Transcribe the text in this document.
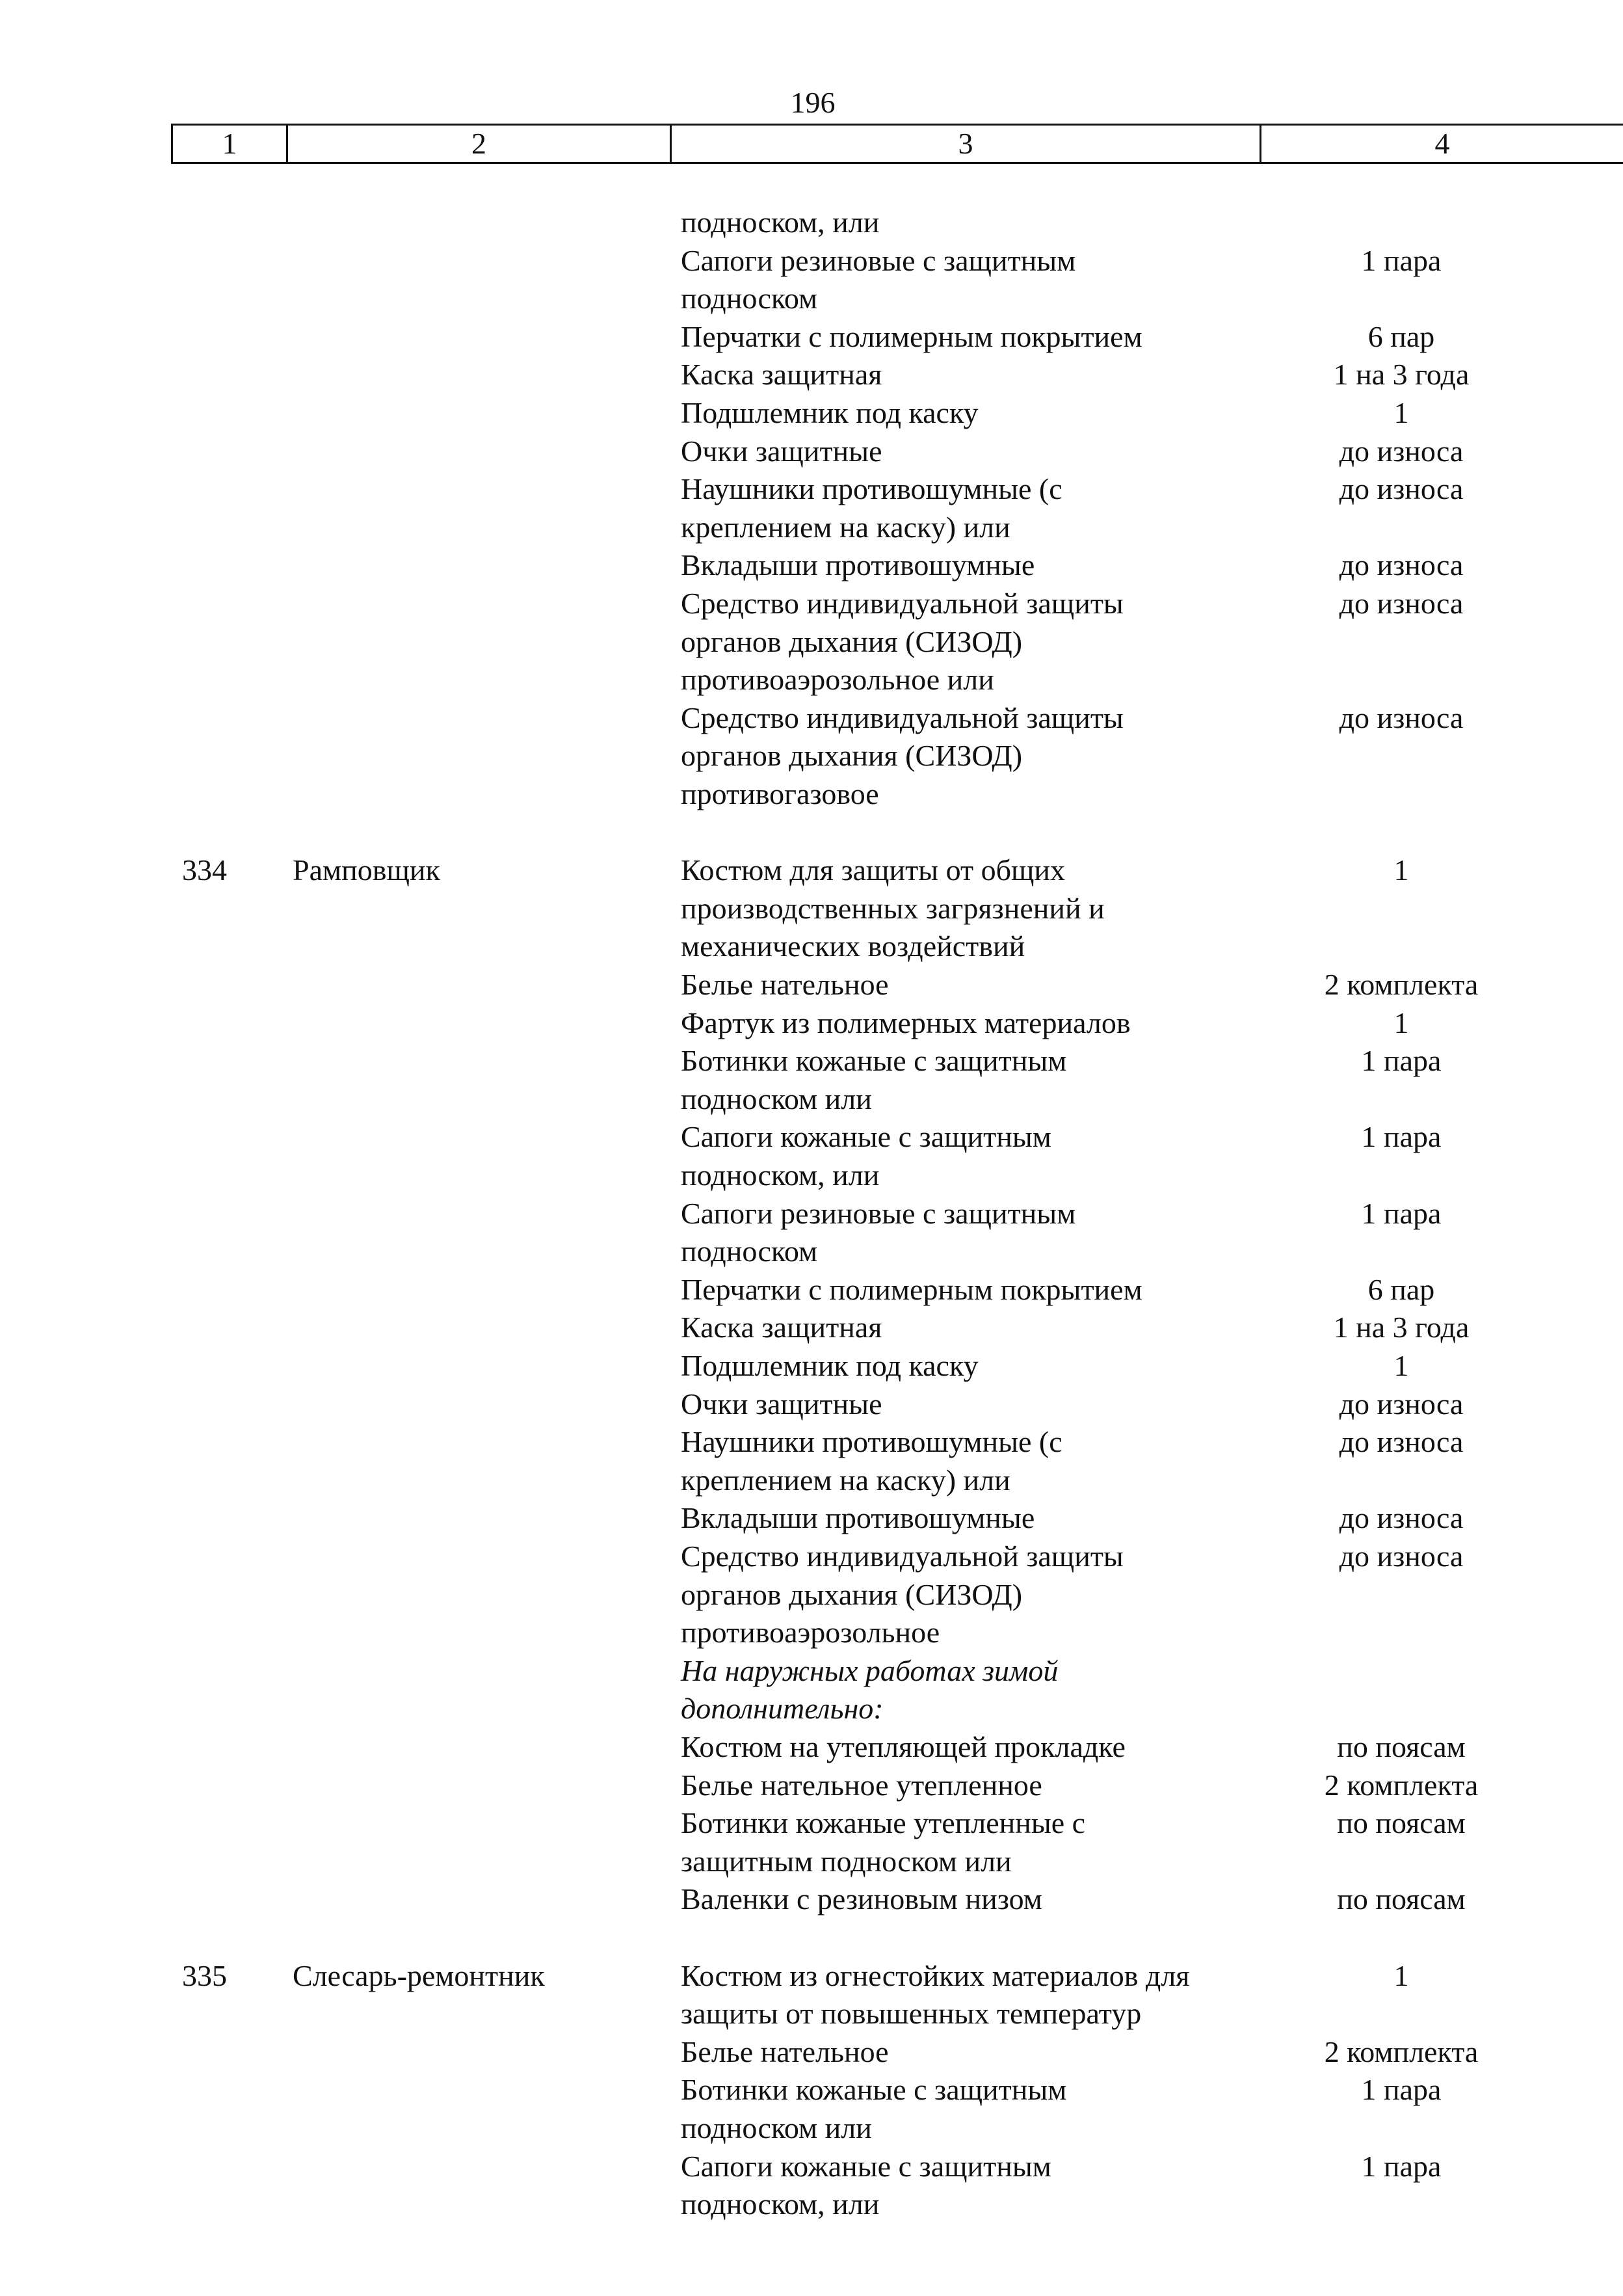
196
1	2	3	4
подноском, или
Сапоги резиновые с защитным	1 пара
подноском
Перчатки с полимерным покрытием	6 пар
Каска защитная	1 на 3 года
Подшлемник под каску	1
Очки защитные	до износа
Наушники противошумные (с	до износа
креплением на каску) или
Вкладыши противошумные	до износа
Средство индивидуальной защиты	до износа
органов дыхания (СИЗОД)
противоаэрозольное или
Средство индивидуальной защиты	до износа
органов дыхания (СИЗОД)
противогазовое
334	Рамповщик	Костюм для защиты от общих	1
производственных загрязнений и
механических воздействий
Белье нательное	2 комплекта
Фартук из полимерных материалов	1
Ботинки кожаные с защитным	1 пара
подноском или
Сапоги кожаные с защитным	1 пара
подноском, или
Сапоги резиновые с защитным	1 пара
подноском
Перчатки с полимерным покрытием	6 пар
Каска защитная	1 на 3 года
Подшлемник под каску	1
Очки защитные	до износа
Наушники противошумные (с	до износа
креплением на каску) или
Вкладыши противошумные	до износа
Средство индивидуальной защиты	до износа
органов дыхания (СИЗОД)
противоаэрозольное
На наружных работах зимой
дополнительно:
Костюм на утепляющей прокладке	по поясам
Белье нательное утепленное	2 комплекта
Ботинки кожаные утепленные с	по поясам
защитным подноском или
Валенки с резиновым низом	по поясам
335	Слесарь-ремонтник	Костюм из огнестойких материалов для	1
защиты от повышенных температур
Белье нательное	2 комплекта
Ботинки кожаные с защитным	1 пара
подноском или
Сапоги кожаные с защитным	1 пара
подноском, или
